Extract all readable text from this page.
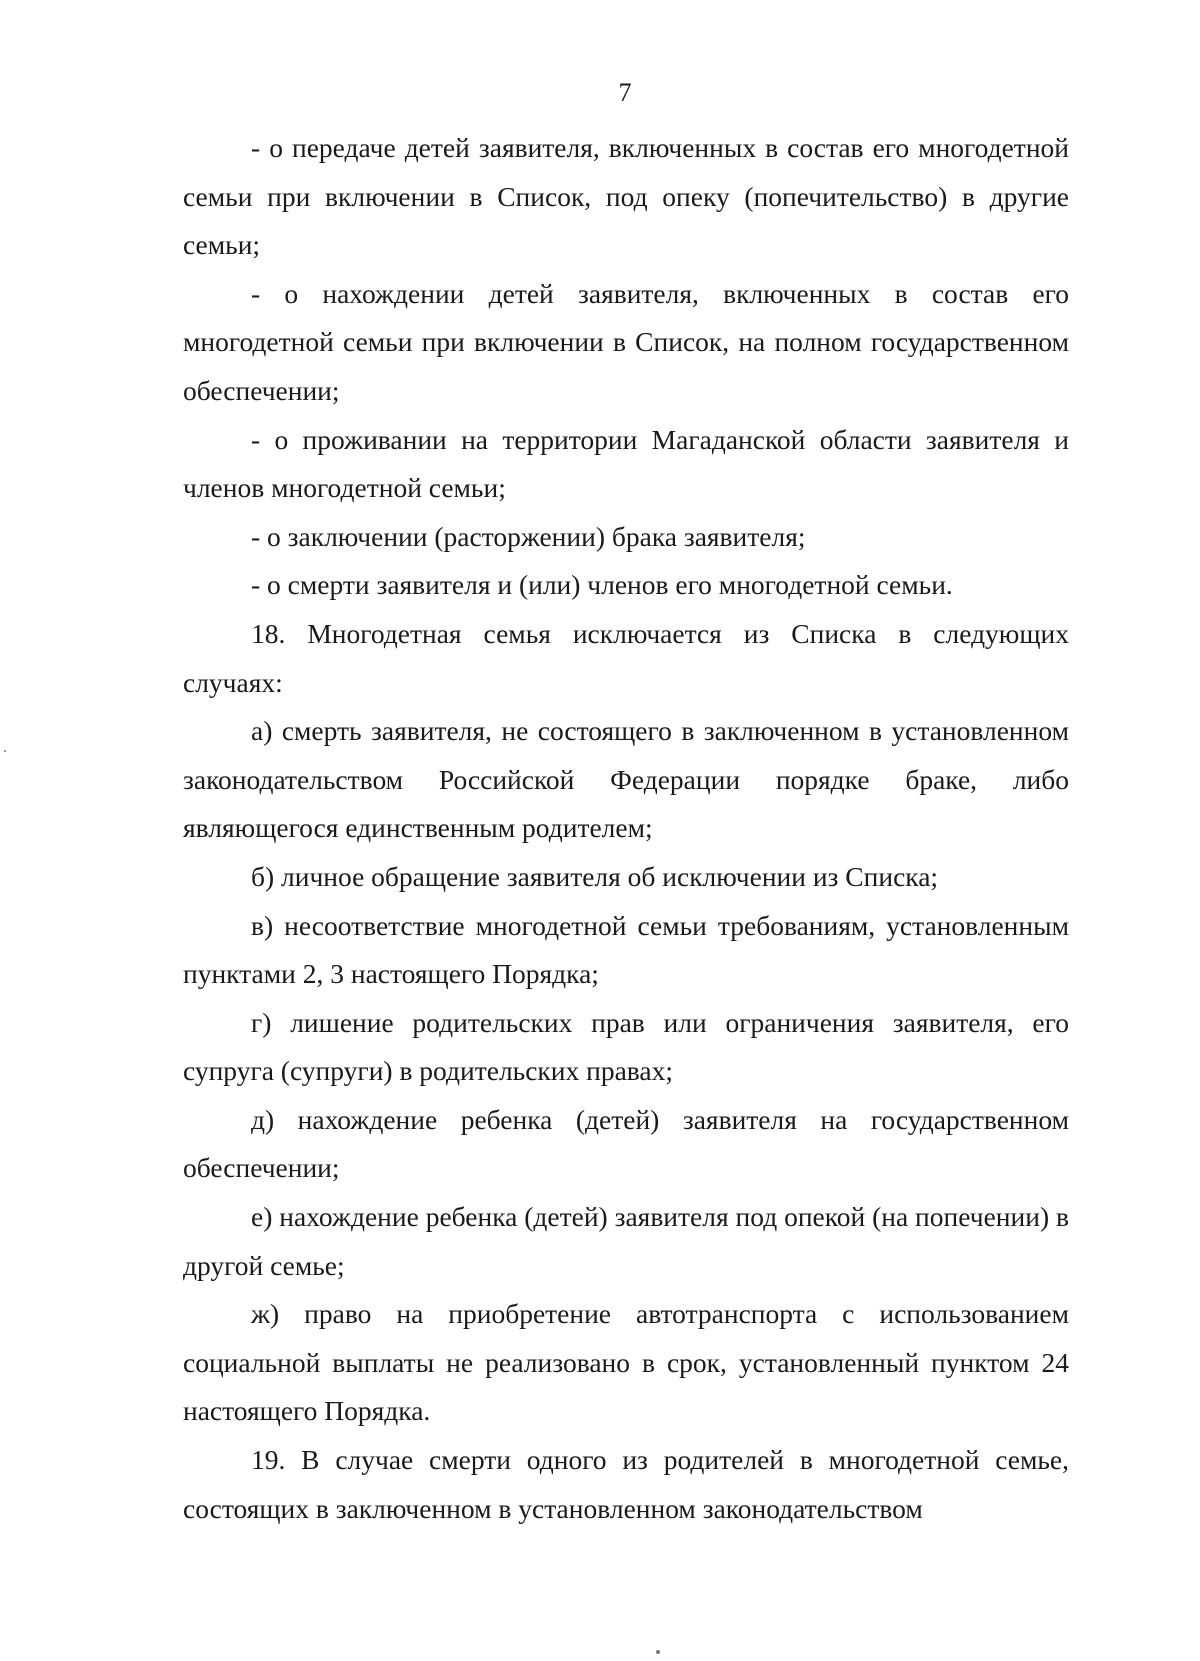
7

- о передаче детей заявителя, включенных в состав его многодетной семьи при включении в Список, под опеку (попечительство) в другие семьи;

- о нахождении детей заявителя, включенных в состав его многодетной семьи при включении в Список, на полном государственном обеспечении;

- о проживании на территории Магаданской области заявителя и членов многодетной семьи;

- о заключении (расторжении) брака заявителя;

- о смерти заявителя и (или) членов его многодетной семьи.

18. Многодетная семья исключается из Списка в следующих случаях:

а) смерть заявителя, не состоящего в заключенном в установленном законодательством Российской Федерации порядке браке, либо являющегося единственным родителем;

б) личное обращение заявителя об исключении из Списка;

в) несоответствие многодетной семьи требованиям, установленным пунктами 2, 3 настоящего Порядка;

г) лишение родительских прав или ограничения заявителя, его супруга (супруги) в родительских правах;

д) нахождение ребенка (детей) заявителя на государственном обеспечении;

е) нахождение ребенка (детей) заявителя под опекой (на попечении) в другой семье;

ж) право на приобретение автотранспорта с использованием социальной выплаты не реализовано в срок, установленный пунктом 24 настоящего Порядка.

19. В случае смерти одного из родителей в многодетной семье, состоящих в заключенном в установленном законодательством
